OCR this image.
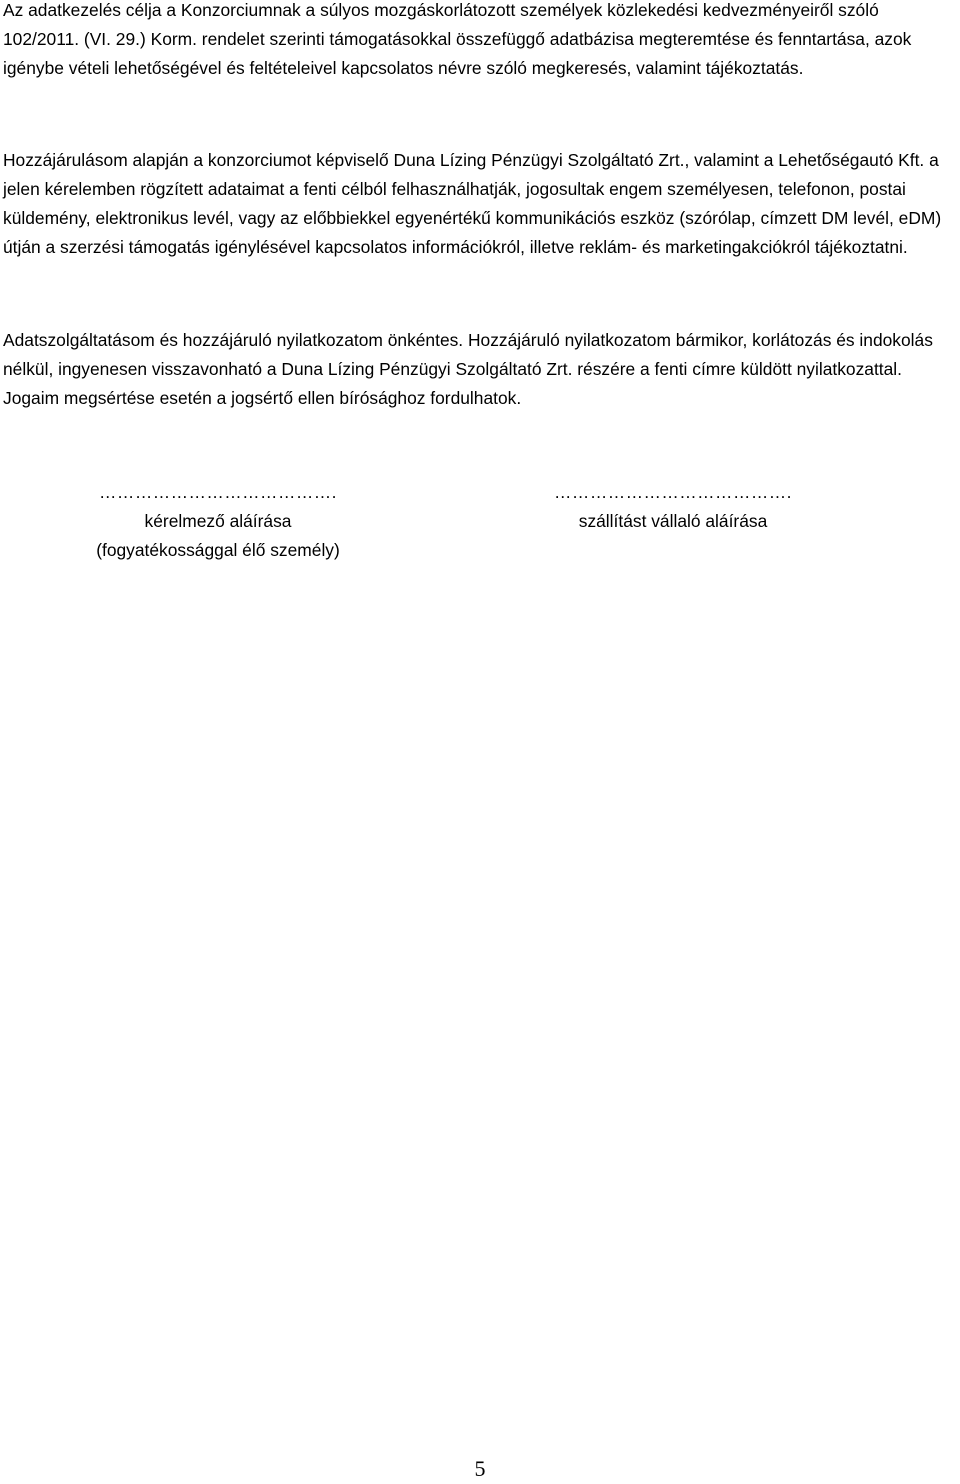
Az adatkezelés célja a Konzorciumnak a súlyos mozgáskorlátozott személyek közlekedési kedvezményeiről szóló 102/2011. (VI. 29.) Korm. rendelet szerinti támogatásokkal összefüggő adatbázisa megteremtése és fenntartása, azok igénybe vételi lehetőségével és feltételeivel kapcsolatos névre szóló megkeresés, valamint tájékoztatás.

Hozzájárulásom alapján a konzorciumot képviselő Duna Lízing Pénzügyi Szolgáltató Zrt., valamint a Lehetőségautó Kft. a jelen kérelemben rögzített adataimat a fenti célból felhasználhatják, jogosultak engem személyesen, telefonon, postai küldemény, elektronikus levél, vagy az előbbiekkel egyenértékű kommunikációs eszköz (szórólap, címzett DM levél, eDM) útján a szerzési támogatás igénylésével kapcsolatos információkról, illetve reklám- és marketingakciókról tájékoztatni.

Adatszolgáltatásom és hozzájáruló nyilatkozatom önkéntes. Hozzájáruló nyilatkozatom bármikor, korlátozás és indokolás nélkül, ingyenesen visszavonható a Duna Lízing Pénzügyi Szolgáltató Zrt. részére a fenti címre küldött nyilatkozattal. Jogaim megsértése esetén a jogsértő ellen bírósághoz fordulhatok.

………………………………….
kérelmező aláírása
(fogyatékossággal élő személy)
………………………………….
szállítást vállaló aláírása
5
